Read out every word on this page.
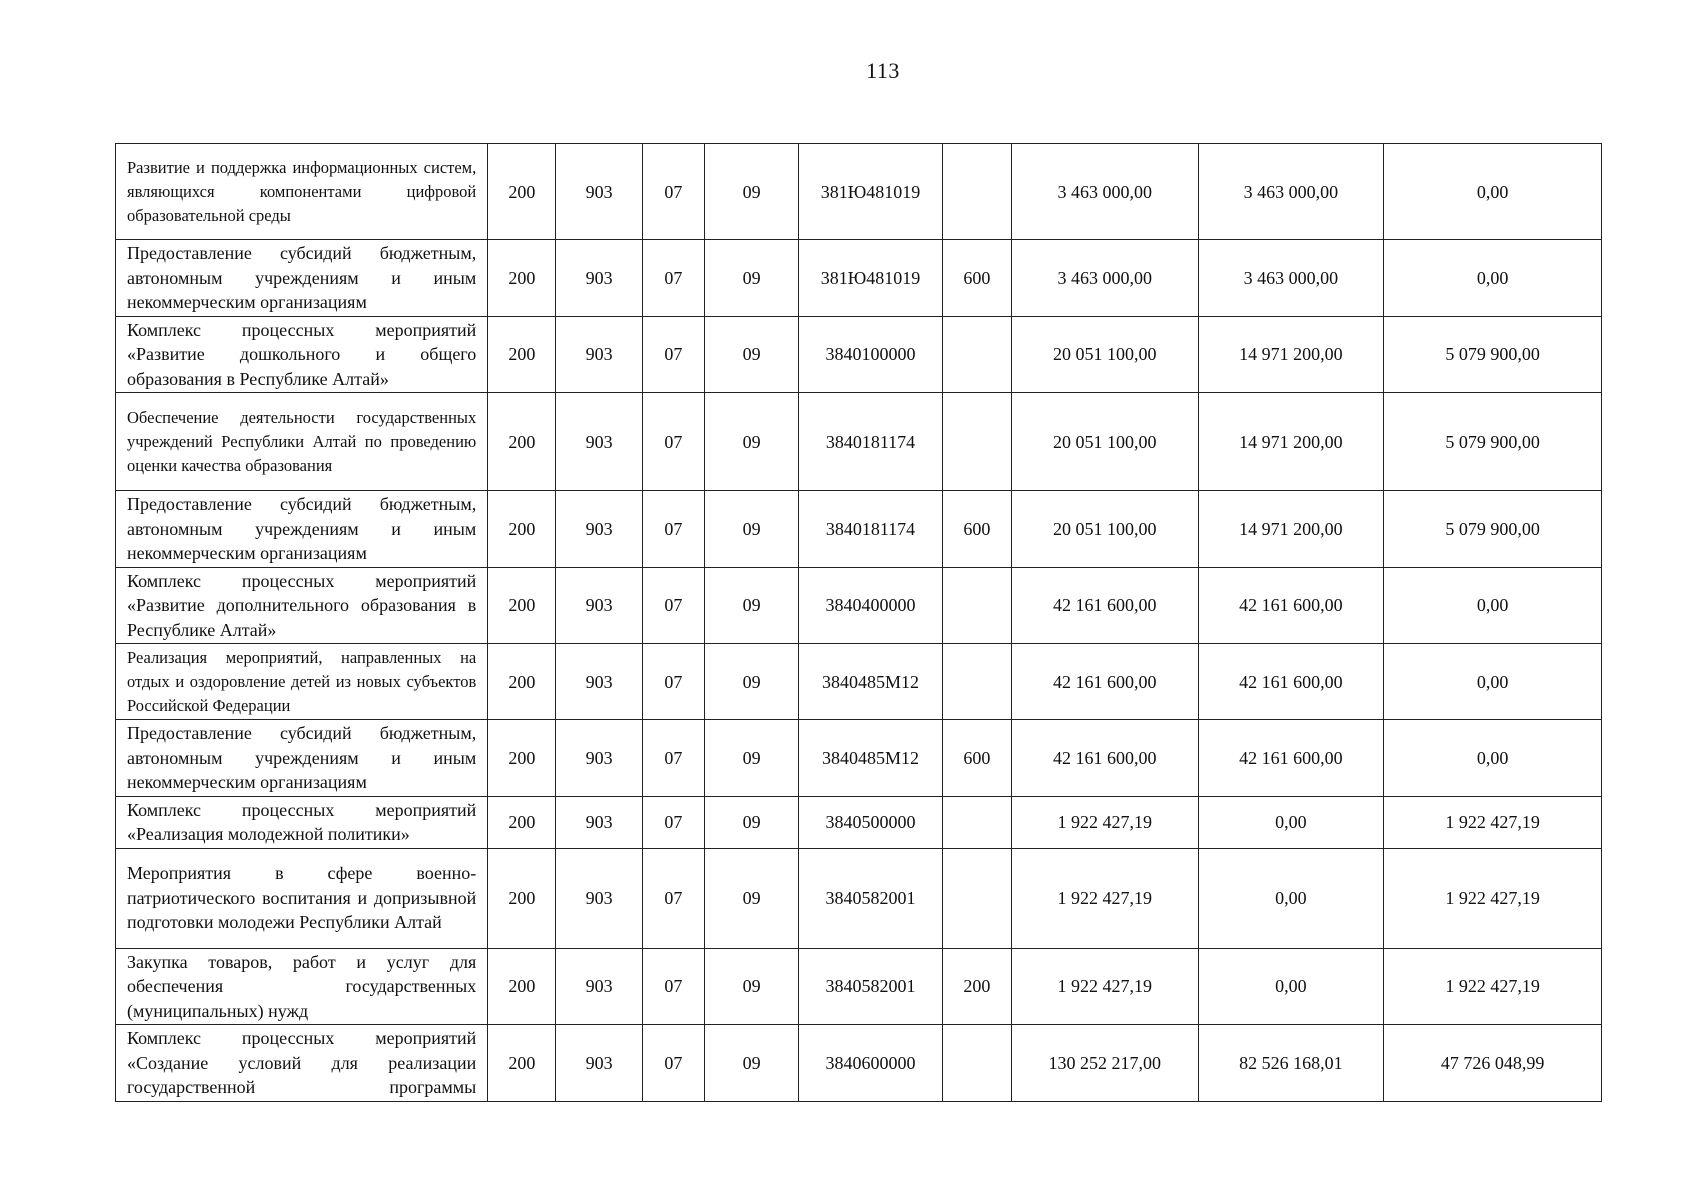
113
Развитие и поддержка информационных систем, являющихся компонентами цифровой образовательной среды	200	903	07	09	381Ю481019		3 463 000,00	3 463 000,00	0,00
Предоставление субсидий бюджетным, автономным учреждениям и иным некоммерческим организациям	200	903	07	09	381Ю481019	600	3 463 000,00	3 463 000,00	0,00
Комплекс процессных мероприятий «Развитие дошкольного и общего образования в Республике Алтай»	200	903	07	09	3840100000		20 051 100,00	14 971 200,00	5 079 900,00
Обеспечение деятельности государственных учреждений Республики Алтай по проведению оценки качества образования	200	903	07	09	3840181174		20 051 100,00	14 971 200,00	5 079 900,00
Предоставление субсидий бюджетным, автономным учреждениям и иным некоммерческим организациям	200	903	07	09	3840181174	600	20 051 100,00	14 971 200,00	5 079 900,00
Комплекс процессных мероприятий «Развитие дополнительного образования в Республике Алтай»	200	903	07	09	3840400000		42 161 600,00	42 161 600,00	0,00
Реализация мероприятий, направленных на отдых и оздоровление детей из новых субъектов Российской Федерации	200	903	07	09	3840485М12		42 161 600,00	42 161 600,00	0,00
Предоставление субсидий бюджетным, автономным учреждениям и иным некоммерческим организациям	200	903	07	09	3840485М12	600	42 161 600,00	42 161 600,00	0,00
Комплекс процессных мероприятий «Реализация молодежной политики»	200	903	07	09	3840500000		1 922 427,19	0,00	1 922 427,19
Мероприятия в сфере военно-патриотического воспитания и допризывной подготовки молодежи Республики Алтай	200	903	07	09	3840582001		1 922 427,19	0,00	1 922 427,19
Закупка товаров, работ и услуг для обеспечения государственных (муниципальных) нужд	200	903	07	09	3840582001	200	1 922 427,19	0,00	1 922 427,19
Комплекс процессных мероприятий «Создание условий для реализации государственной программы	200	903	07	09	3840600000		130 252 217,00	82 526 168,01	47 726 048,99
